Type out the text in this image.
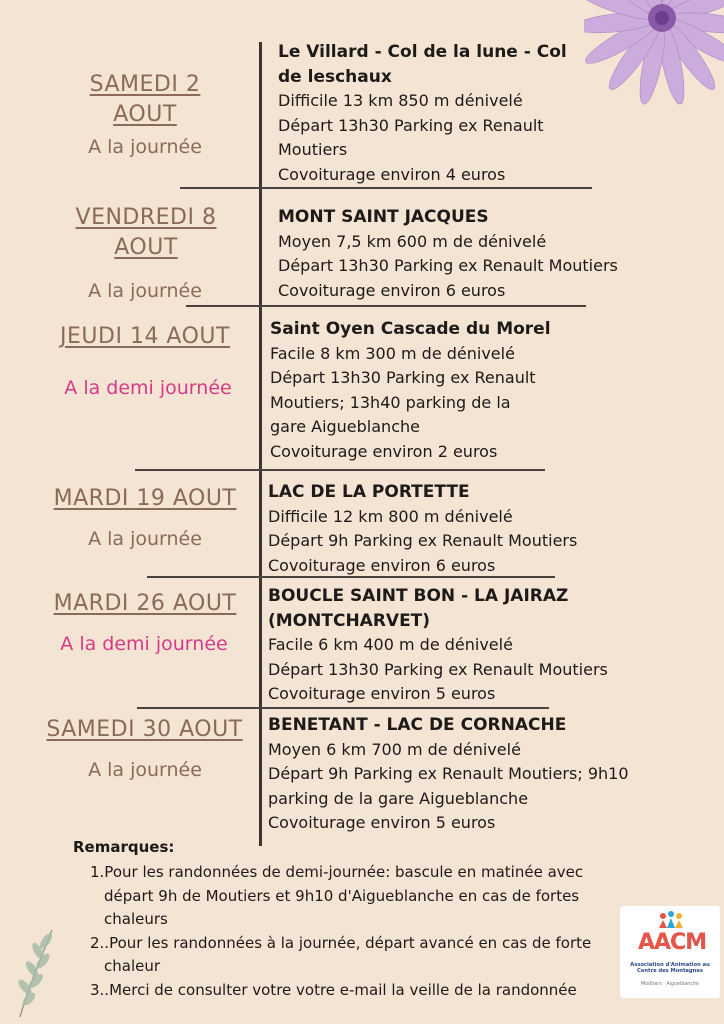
SAMEDI 2
AOUT
A la journée
Le Villard - Col de la lune - Col
de leschaux
Difficile 13 km 850 m dénivelé
Départ 13h30 Parking ex Renault
Moutiers
Covoiturage environ 4 euros
VENDREDI 8
AOUT
A la journée
MONT SAINT JACQUES
Moyen 7,5 km 600 m de dénivelé
Départ 13h30 Parking ex Renault Moutiers
Covoiturage environ 6 euros
JEUDI 14 AOUT
A la demi journée
Saint Oyen Cascade du Morel
Facile 8 km 300 m de dénivelé
Départ 13h30 Parking ex Renault
Moutiers; 13h40 parking de la
gare Aigueblanche
Covoiturage environ 2 euros
MARDI 19 AOUT
A la journée
LAC DE LA PORTETTE
Difficile 12 km 800 m dénivelé
Départ 9h Parking ex Renault Moutiers
Covoiturage environ 6 euros
MARDI 26 AOUT
A la demi journée
BOUCLE SAINT BON - LA JAIRAZ
(MONTCHARVET)
Facile 6 km 400 m de dénivelé
Départ 13h30 Parking ex Renault Moutiers
Covoiturage environ 5 euros
SAMEDI 30 AOUT
A la journée
BENETANT - LAC DE CORNACHE
Moyen 6 km 700 m de dénivelé
Départ 9h Parking ex Renault Moutiers; 9h10
parking de la gare Aigueblanche
Covoiturage environ 5 euros
Remarques:
1.Pour les randonnées de demi-journée: bascule en matinée avec départ 9h de Moutiers et 9h10 d'Aigueblanche en cas de fortes chaleurs
2..Pour les randonnées à la journée, départ avancé en cas de forte chaleur
3..Merci de consulter votre votre e-mail la veille de la randonnée
AACM
Association d'Animation au Centre des Montagnes
Moûtiers · Aigueblanche
